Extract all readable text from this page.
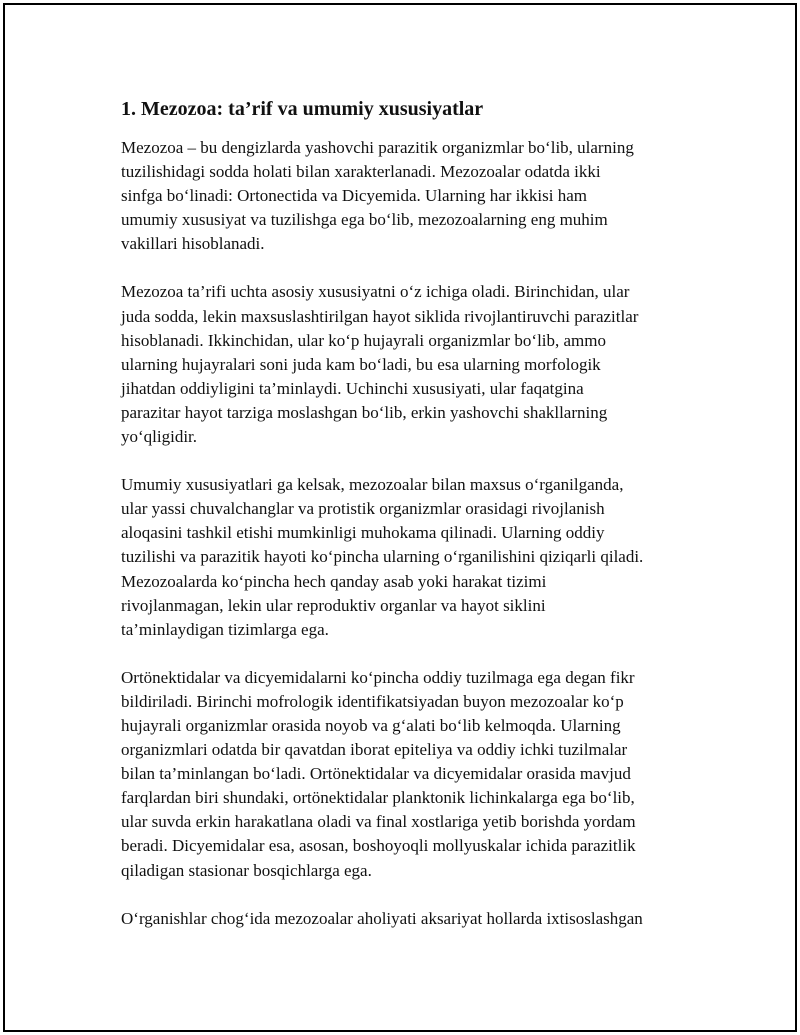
1. Mezozoa: ta’rif va umumiy xususiyatlar

Mezozoa – bu dengizlarda yashovchi parazitik organizmlar bo‘lib, ularning
tuzilishidagi sodda holati bilan xarakterlanadi. Mezozoalar odatda ikki
sinfga bo‘linadi: Ortonectida va Dicyemida. Ularning har ikkisi ham
umumiy xususiyat va tuzilishga ega bo‘lib, mezozoalarning eng muhim
vakillari hisoblanadi.

Mezozoa ta’rifi uchta asosiy xususiyatni o‘z ichiga oladi. Birinchidan, ular
juda sodda, lekin maxsuslashtirilgan hayot siklida rivojlantiruvchi parazitlar
hisoblanadi. Ikkinchidan, ular ko‘p hujayrali organizmlar bo‘lib, ammo
ularning hujayralari soni juda kam bo‘ladi, bu esa ularning morfologik
jihatdan oddiyligini ta’minlaydi. Uchinchi xususiyati, ular faqatgina
parazitar hayot tarziga moslashgan bo‘lib, erkin yashovchi shakllarning
yo‘qligidir.

Umumiy xususiyatlari ga kelsak, mezozoalar bilan maxsus o‘rganilganda,
ular yassi chuvalchanglar va protistik organizmlar orasidagi rivojlanish
aloqasini tashkil etishi mumkinligi muhokama qilinadi. Ularning oddiy
tuzilishi va parazitik hayoti ko‘pincha ularning o‘rganilishini qiziqarli qiladi.
Mezozoalarda ko‘pincha hech qanday asab yoki harakat tizimi
rivojlanmagan, lekin ular reproduktiv organlar va hayot siklini
ta’minlaydigan tizimlarga ega.

Ortönektidalar va dicyemidalarni ko‘pincha oddiy tuzilmaga ega degan fikr
bildiriladi. Birinchi mofrologik identifikatsiyadan buyon mezozoalar ko‘p
hujayrali organizmlar orasida noyob va g‘alati bo‘lib kelmoqda. Ularning
organizmlari odatda bir qavatdan iborat epiteliya va oddiy ichki tuzilmalar
bilan ta’minlangan bo‘ladi. Ortönektidalar va dicyemidalar orasida mavjud
farqlardan biri shundaki, ortönektidalar planktonik lichinkalarga ega bo‘lib,
ular suvda erkin harakatlana oladi va final xostlariga yetib borishda yordam
beradi. Dicyemidalar esa, asosan, boshoyoqli mollyuskalar ichida parazitlik
qiladigan stasionar bosqichlarga ega.

O‘rganishlar chog‘ida mezozoalar aholiyati aksariyat hollarda ixtisoslashgan
